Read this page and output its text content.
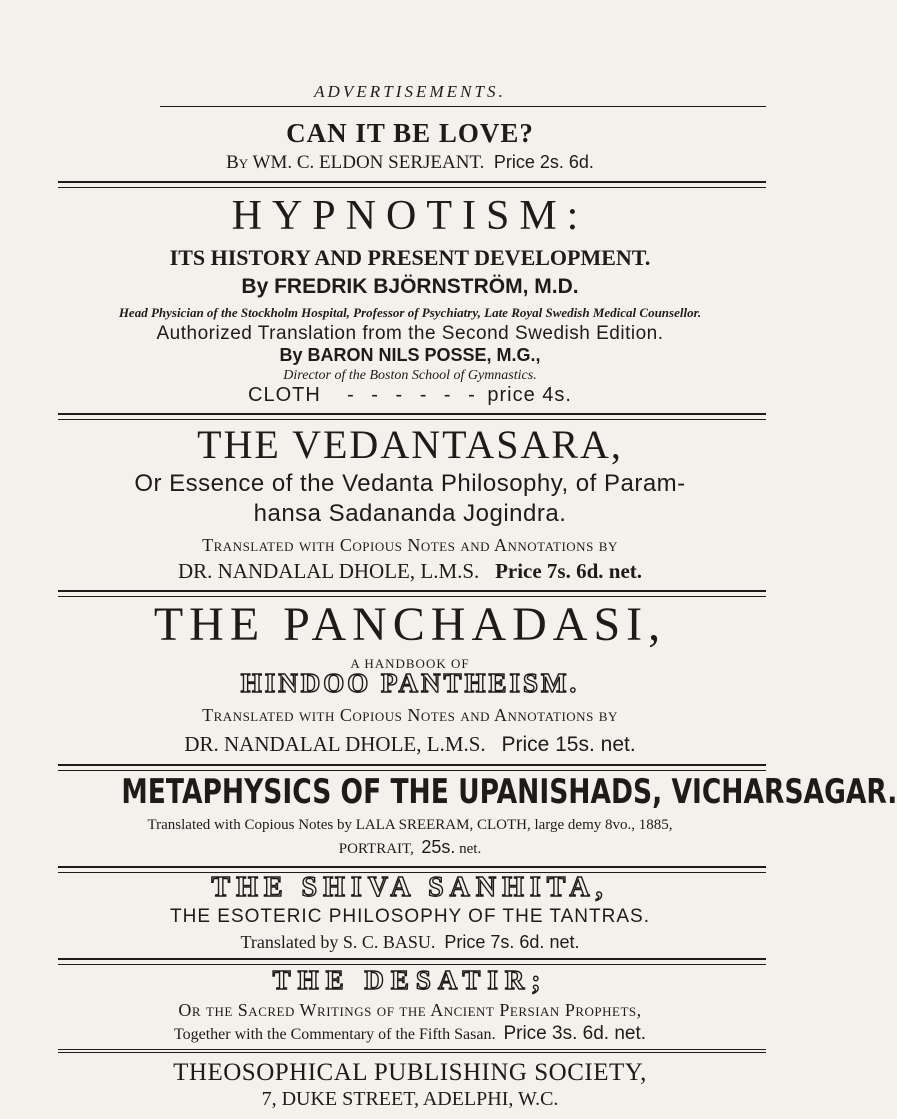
ADVERTISEMENTS.
CAN IT BE LOVE?
By WM. C. ELDON SERJEANT. Price 2s. 6d.
HYPNOTISM:
ITS HISTORY AND PRESENT DEVELOPMENT.
By FREDRIK BJÖRNSTRÖM, M.D.
Head Physician of the Stockholm Hospital, Professor of Psychiatry, Late Royal Swedish Medical Counsellor.
Authorized Translation from the Second Swedish Edition.
By BARON NILS POSSE, M.G.,
Director of the Boston School of Gymnastics.
CLOTH - - - - - - price 4s.
THE VEDANTASARA,
Or Essence of the Vedanta Philosophy, of Param-
hansa Sadananda Jogindra.
Translated with Copious Notes and Annotations by
DR. NANDALAL DHOLE, L.M.S. Price 7s. 6d. net.
THE PANCHADASI,
A HANDBOOK OF
HINDOO PANTHEISM.
Translated with Copious Notes and Annotations by
DR. NANDALAL DHOLE, L.M.S. Price 15s. net.
METAPHYSICS OF THE UPANISHADS, VICHARSAGAR.
Translated with Copious Notes by LALA SREERAM, CLOTH, large demy 8vo., 1885,
PORTRAIT, 25s. net.
THE SHIVA SANHITA,
THE ESOTERIC PHILOSOPHY OF THE TANTRAS.
Translated by S. C. BASU. Price 7s. 6d. net.
THE DESATIR;
Or the Sacred Writings of the Ancient Persian Prophets,
Together with the Commentary of the Fifth Sasan. Price 3s. 6d. net.
THEOSOPHICAL PUBLISHING SOCIETY,
7, DUKE STREET, ADELPHI, W.C.
